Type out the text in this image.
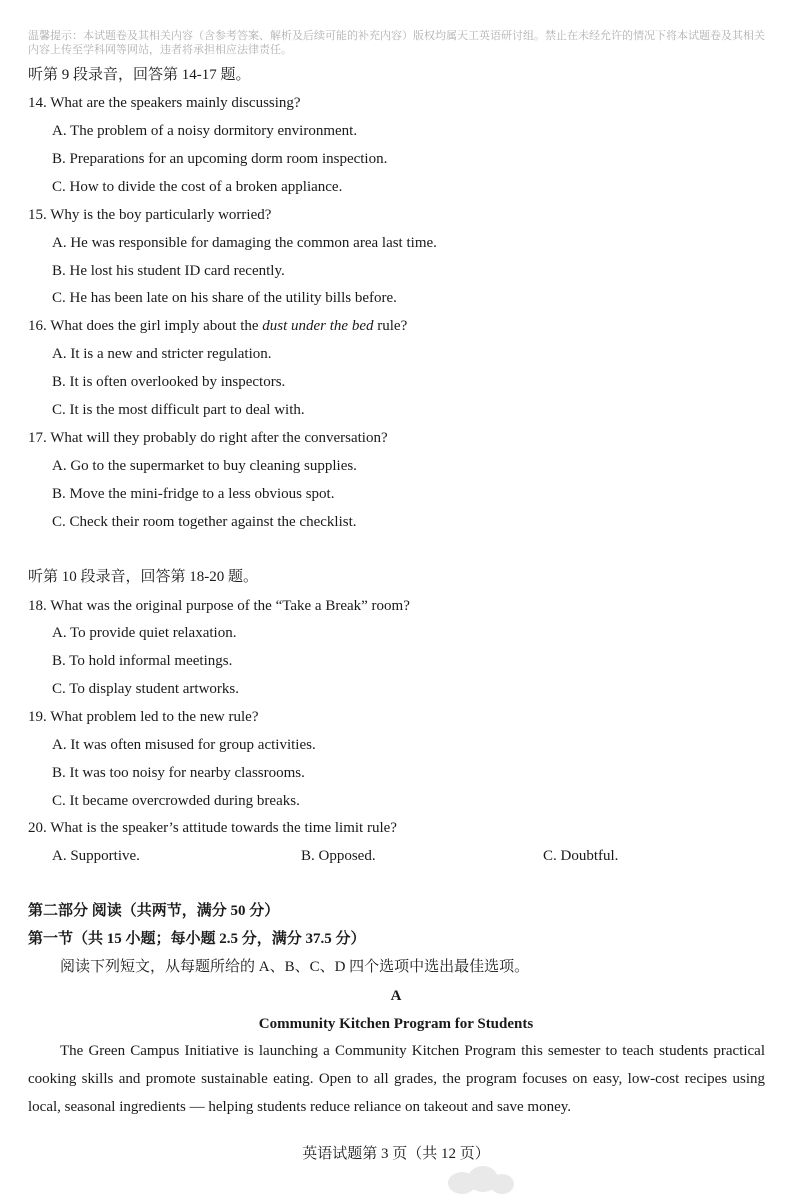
温馨提示：本试题卷及其相关内容（含参考答案、解析及后续可能的补充内容）版权均属天工英语研讨组。禁止在未经允许的情况下将本试题卷及其相关内容上传至学科网等网站，违者将承担相应法律责任。
听第 9 段录音，回答第 14-17 题。
14. What are the speakers mainly discussing?
A. The problem of a noisy dormitory environment.
B. Preparations for an upcoming dorm room inspection.
C. How to divide the cost of a broken appliance.
15. Why is the boy particularly worried?
A. He was responsible for damaging the common area last time.
B. He lost his student ID card recently.
C. He has been late on his share of the utility bills before.
16. What does the girl imply about the dust under the bed rule?
A. It is a new and stricter regulation.
B. It is often overlooked by inspectors.
C. It is the most difficult part to deal with.
17. What will they probably do right after the conversation?
A. Go to the supermarket to buy cleaning supplies.
B. Move the mini-fridge to a less obvious spot.
C. Check their room together against the checklist.
听第 10 段录音，回答第 18-20 题。
18. What was the original purpose of the “Take a Break” room?
A. To provide quiet relaxation.
B. To hold informal meetings.
C. To display student artworks.
19. What problem led to the new rule?
A. It was often misused for group activities.
B. It was too noisy for nearby classrooms.
C. It became overcrowded during breaks.
20. What is the speaker’s attitude towards the time limit rule?
A. Supportive.	B. Opposed.	C. Doubtful.
第二部分 阅读（共两节，满分 50 分）
第一节（共 15 小题；每小题 2.5 分，满分 37.5 分）
阅读下列短文，从每题所给的 A、B、C、D 四个选项中选出最佳选项。
A
Community Kitchen Program for Students
The Green Campus Initiative is launching a Community Kitchen Program this semester to teach students practical cooking skills and promote sustainable eating. Open to all grades, the program focuses on easy, low-cost recipes using local, seasonal ingredients — helping students reduce reliance on takeout and save money.
英语试题第 3 页（共 12 页）
